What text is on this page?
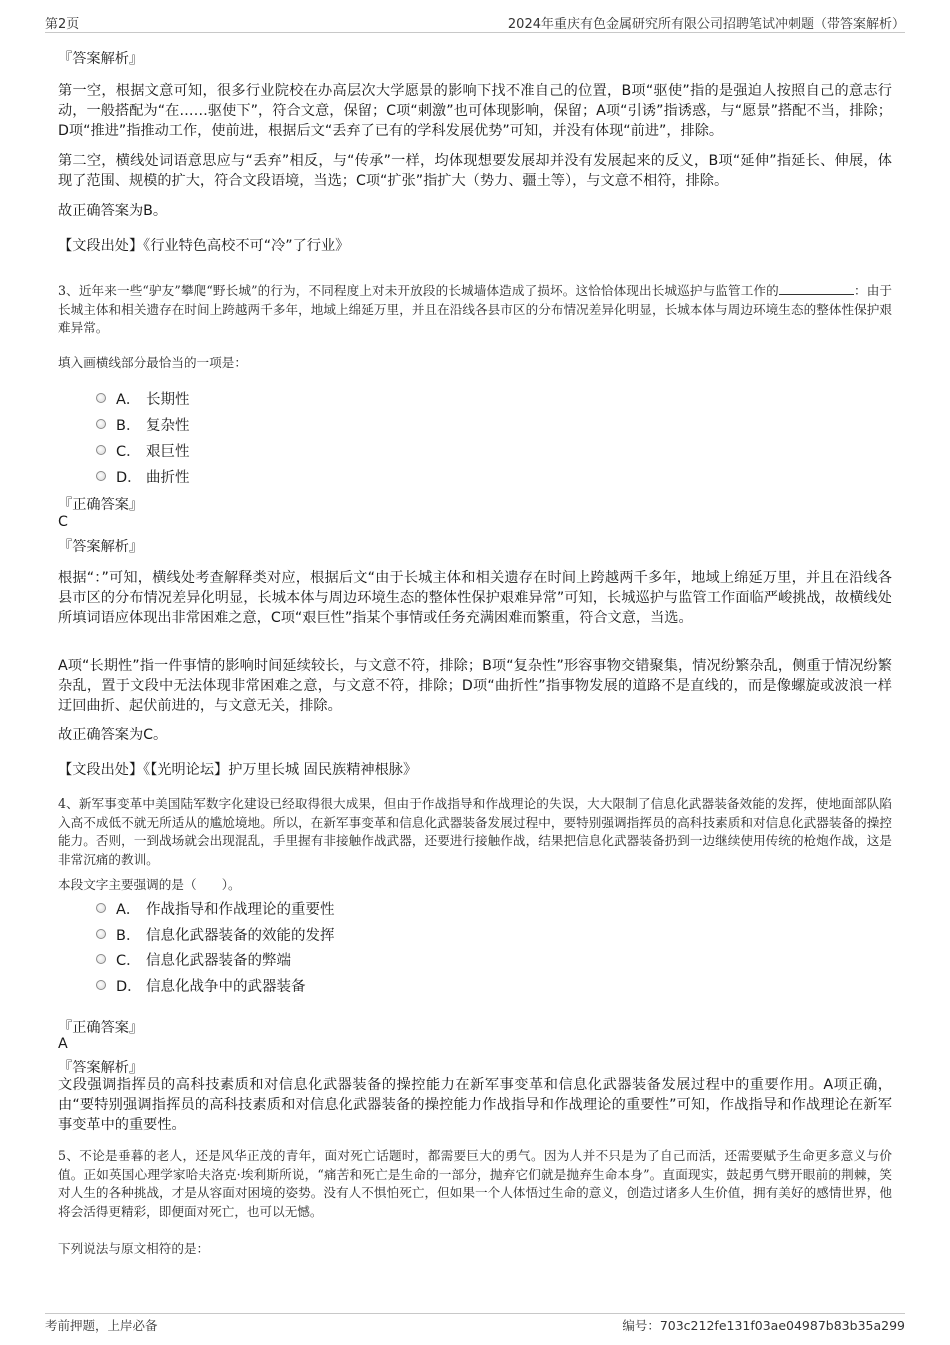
第2页	2024年重庆有色金属研究所有限公司招聘笔试冲刺题（带答案解析）
『答案解析』
第一空，根据文意可知，很多行业院校在办高层次大学愿景的影响下找不准自己的位置，B项“驱使”指的是强迫人按照自己的意志行动，一般搭配为“在……驱使下”，符合文意，保留；C项“刺激”也可体现影响，保留；A项“引诱”指诱惑，与“愿景”搭配不当，排除；D项“推进”指推动工作，使前进，根据后文“丢弃了已有的学科发展优势”可知，并没有体现“前进”，排除。
第二空，横线处词语意思应与“丢弃”相反，与“传承”一样，均体现想要发展却并没有发展起来的反义，B项“延伸”指延长、伸展，体现了范围、规模的扩大，符合文段语境，当选；C项“扩张”指扩大（势力、疆土等），与文意不相符，排除。
故正确答案为B。
【文段出处】《行业特色高校不可“冷”了行业》
3、近年来一些“驴友”攀爬“野长城”的行为，不同程度上对未开放段的长城墙体造成了损坏。这恰恰体现出长城巡护与监管工作的	：由于长城主体和相关遗存在时间上跨越两千多年，地域上绵延万里，并且在沿线各县市区的分布情况差异化明显，长城本体与周边环境生态的整体性保护艰难异常。
填入画横线部分最恰当的一项是：
A． 长期性
B． 复杂性
C． 艰巨性
D． 曲折性
『正确答案』
C
『答案解析』
根据“：”可知，横线处考查解释类对应，根据后文“由于长城主体和相关遗存在时间上跨越两千多年，地域上绵延万里，并且在沿线各县市区的分布情况差异化明显，长城本体与周边环境生态的整体性保护艰难异常”可知，长城巡护与监管工作面临严峻挑战，故横线处所填词语应体现出非常困难之意，C项“艰巨性”指某个事情或任务充满困难而繁重，符合文意，当选。
A项“长期性”指一件事情的影响时间延续较长，与文意不符，排除；B项“复杂性”形容事物交错聚集，情况纷繁杂乱，侧重于情况纷繁杂乱，置于文段中无法体现非常困难之意，与文意不符，排除；D项“曲折性”指事物发展的道路不是直线的，而是像螺旋或波浪一样迂回曲折、起伏前进的，与文意无关，排除。
故正确答案为C。
【文段出处】《【光明论坛】护万里长城 固民族精神根脉》
4、新军事变革中美国陆军数字化建设已经取得很大成果，但由于作战指导和作战理论的失误，大大限制了信息化武器装备效能的发挥，使地面部队陷入高不成低不就无所适从的尴尬境地。所以，在新军事变革和信息化武器装备发展过程中，要特别强调指挥员的高科技素质和对信息化武器装备的操控能力。否则，一到战场就会出现混乱，手里握有非接触作战武器，还要进行接触作战，结果把信息化武器装备扔到一边继续使用传统的枪炮作战，这是非常沉痛的教训。
本段文字主要强调的是（　　）。
A． 作战指导和作战理论的重要性
B． 信息化武器装备的效能的发挥
C． 信息化武器装备的弊端
D． 信息化战争中的武器装备
『正确答案』
A
『答案解析』
文段强调指挥员的高科技素质和对信息化武器装备的操控能力在新军事变革和信息化武器装备发展过程中的重要作用。A项正确，由“要特别强调指挥员的高科技素质和对信息化武器装备的操控能力作战指导和作战理论的重要性”可知，作战指导和作战理论在新军事变革中的重要性。
5、不论是垂暮的老人，还是风华正茂的青年，面对死亡话题时，都需要巨大的勇气。因为人并不只是为了自己而活，还需要赋予生命更多意义与价值。正如英国心理学家哈夫洛克·埃利斯所说，“痛苦和死亡是生命的一部分，抛弃它们就是抛弃生命本身”。直面现实，鼓起勇气劈开眼前的荆棘，笑对人生的各种挑战，才是从容面对困境的姿势。没有人不惧怕死亡，但如果一个人体悟过生命的意义，创造过诸多人生价值，拥有美好的感情世界，他将会活得更精彩，即便面对死亡，也可以无憾。
下列说法与原文相符的是：
考前押题，上岸必备	编号：703c212fe131f03ae04987b83b35a299
